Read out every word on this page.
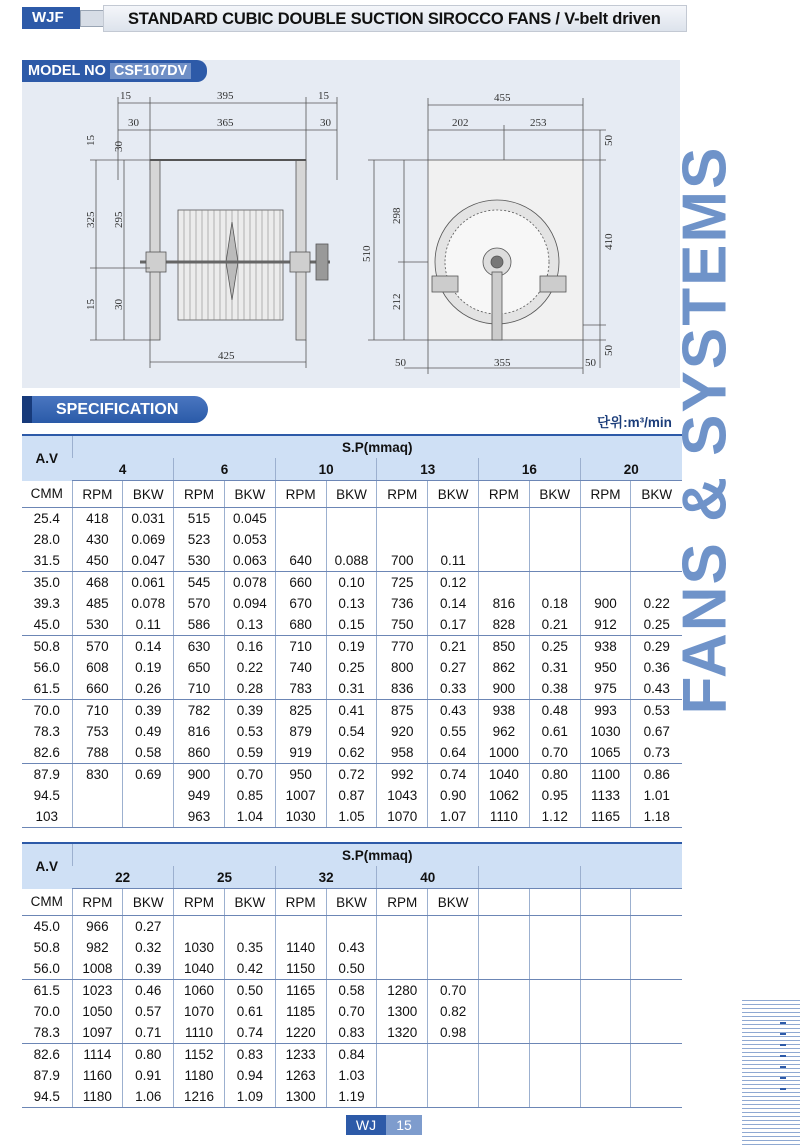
WJF	STANDARD CUBIC DOUBLE SUCTION SIROCCO FANS / V-belt driven
MODEL NO CSF107DV
15	395	15
30	365	30
15
30
325 295
15 30
425
455
202	253
50
298
510
410
212
50	355	50
50
SPECIFICATION
단위:m³/min
A.V	S.P(mmaq)											
	4		6		10		13		16		20	
CMM	RPM	BKW	RPM	BKW	RPM	BKW	RPM	BKW	RPM	BKW	RPM	BKW
25.4	418	0.031	515	0.045								
28.0	430	0.069	523	0.053								
31.5	450	0.047	530	0.063	640	0.088	700	0.11				
35.0	468	0.061	545	0.078	660	0.10	725	0.12				
39.3	485	0.078	570	0.094	670	0.13	736	0.14	816	0.18	900	0.22
45.0	530	0.11	586	0.13	680	0.15	750	0.17	828	0.21	912	0.25
50.8	570	0.14	630	0.16	710	0.19	770	0.21	850	0.25	938	0.29
56.0	608	0.19	650	0.22	740	0.25	800	0.27	862	0.31	950	0.36
61.5	660	0.26	710	0.28	783	0.31	836	0.33	900	0.38	975	0.43
70.0	710	0.39	782	0.39	825	0.41	875	0.43	938	0.48	993	0.53
78.3	753	0.49	816	0.53	879	0.54	920	0.55	962	0.61	1030	0.67
82.6	788	0.58	860	0.59	919	0.62	958	0.64	1000	0.70	1065	0.73
87.9	830	0.69	900	0.70	950	0.72	992	0.74	1040	0.80	1100	0.86
94.5			949	0.85	1007	0.87	1043	0.90	1062	0.95	1133	1.01
103			963	1.04	1030	1.05	1070	1.07	1110	1.12	1165	1.18
A.V	S.P(mmaq)											
	22		25		32		40					
CMM	RPM	BKW	RPM	BKW	RPM	BKW	RPM	BKW				
45.0	966	0.27										
50.8	982	0.32	1030	0.35	1140	0.43						
56.0	1008	0.39	1040	0.42	1150	0.50						
61.5	1023	0.46	1060	0.50	1165	0.58	1280	0.70				
70.0	1050	0.57	1070	0.61	1185	0.70	1300	0.82				
78.3	1097	0.71	1110	0.74	1220	0.83	1320	0.98				
82.6	1114	0.80	1152	0.83	1233	0.84						
87.9	1160	0.91	1180	0.94	1263	1.03						
94.5	1180	1.06	1216	1.09	1300	1.19						
FANS & SYSTEMS
WJ	15
